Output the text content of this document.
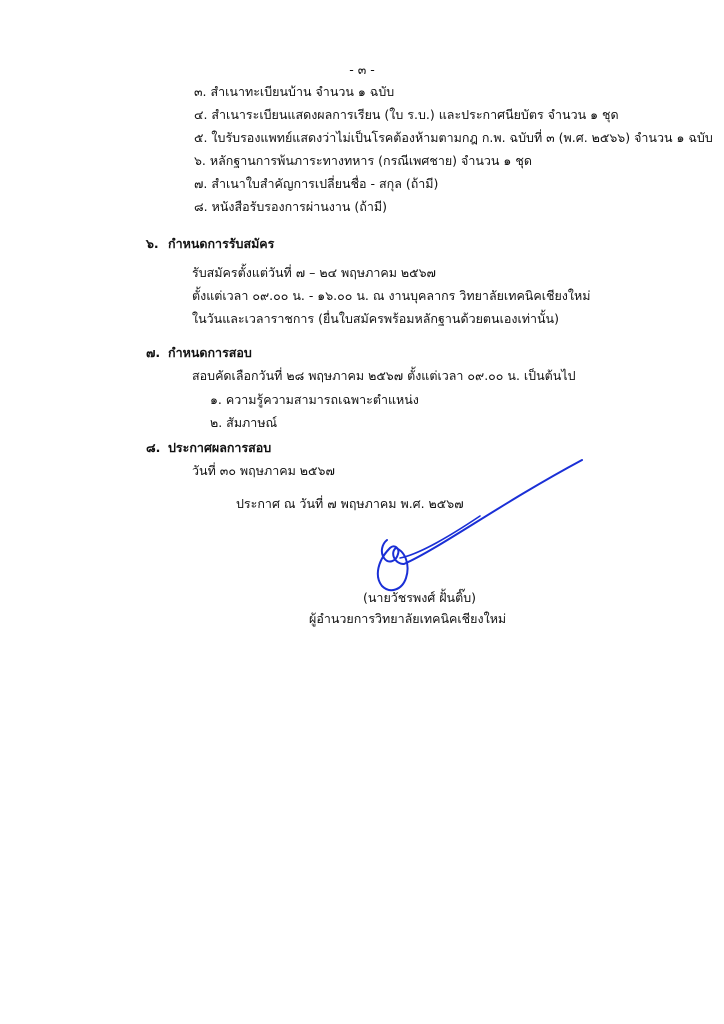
- ๓ -
๓. สำเนาทะเบียนบ้าน จำนวน ๑ ฉบับ
๔. สำเนาระเบียนแสดงผลการเรียน (ใบ ร.บ.) และประกาศนียบัตร จำนวน ๑ ชุด
๕. ใบรับรองแพทย์แสดงว่าไม่เป็นโรคต้องห้ามตามกฎ ก.พ. ฉบับที่ ๓ (พ.ศ. ๒๕๖๖) จำนวน ๑ ฉบับ
๖. หลักฐานการพ้นภาระทางทหาร (กรณีเพศชาย) จำนวน ๑ ชุด
๗. สำเนาใบสำคัญการเปลี่ยนชื่อ - สกุล (ถ้ามี)
๘. หนังสือรับรองการผ่านงาน (ถ้ามี)
๖. กำหนดการรับสมัคร
รับสมัครตั้งแต่วันที่ ๗ – ๒๔ พฤษภาคม ๒๕๖๗
ตั้งแต่เวลา ๐๙.๐๐ น. - ๑๖.๐๐ น. ณ งานบุคลากร วิทยาลัยเทคนิคเชียงใหม่
ในวันและเวลาราชการ (ยื่นใบสมัครพร้อมหลักฐานด้วยตนเองเท่านั้น)
๗. กำหนดการสอบ
สอบคัดเลือกวันที่ ๒๘ พฤษภาคม ๒๕๖๗ ตั้งแต่เวลา ๐๙.๐๐ น. เป็นต้นไป
๑. ความรู้ความสามารถเฉพาะตำแหน่ง
๒. สัมภาษณ์
๘. ประกาศผลการสอบ
วันที่ ๓๐ พฤษภาคม ๒๕๖๗
ประกาศ ณ วันที่ ๗ พฤษภาคม พ.ศ. ๒๕๖๗
(นายวัชรพงศ์ ฝั้นติ๊บ)
ผู้อำนวยการวิทยาลัยเทคนิคเชียงใหม่
